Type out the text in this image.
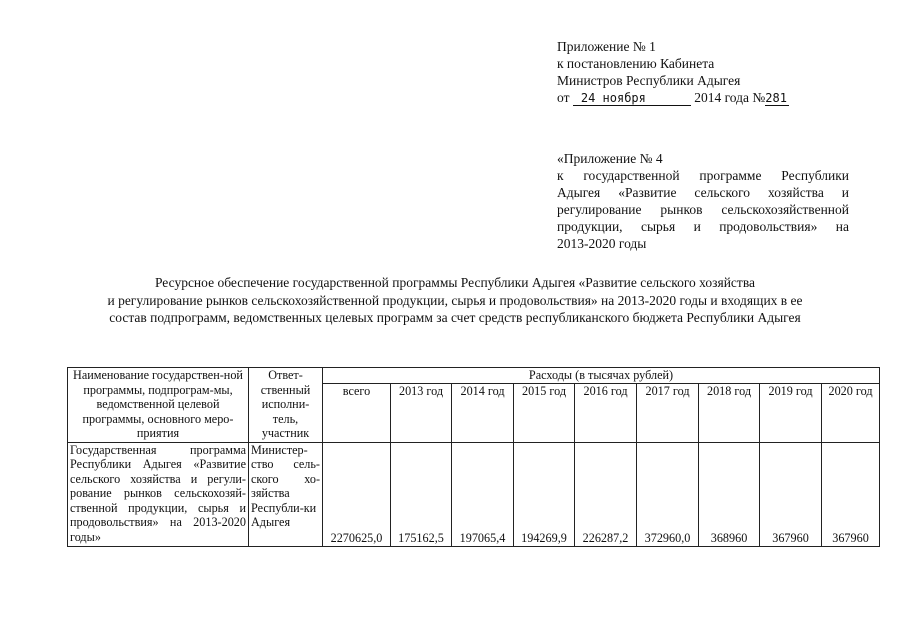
Приложение № 1
к постановлению Кабинета
Министров Республики Адыгея
от 24 ноября	2014 года №281
«Приложение № 4
к государственной программе Республики
Адыгея «Развитие сельского хозяйства и
регулирование рынков сельскохозяйственной
продукции, сырья и продовольствия» на
2013-2020 годы
Ресурсное обеспечение государственной программы Республики Адыгея «Развитие сельского хозяйства
и регулирование рынков сельскохозяйственной продукции, сырья и продовольствия» на 2013-2020 годы и входящих в ее
состав подпрограмм, ведомственных целевых программ за счет средств республиканского бюджета Республики Адыгея
Наименование государствен-ной программы, подпрограм-мы, ведомственной целевой программы, основного меро-приятия	Ответ-ственный исполни-тель, участник	Расходы (в тысячах рублей)								
		всего	2013 год	2014 год	2015 год	2016 год	2017 год	2018 год	2019 год	2020 год
Государственная программа Республики Адыгея «Развитие сельского хозяйства и регули-рование рынков сельскохозяй-ственной продукции, сырья и продовольствия» на 2013-2020 годы»	Министер-ство сель-ского хо-зяйства Республи-ки Адыгея	2270625,0	175162,5	197065,4	194269,9	226287,2	372960,0	368960	367960	367960
